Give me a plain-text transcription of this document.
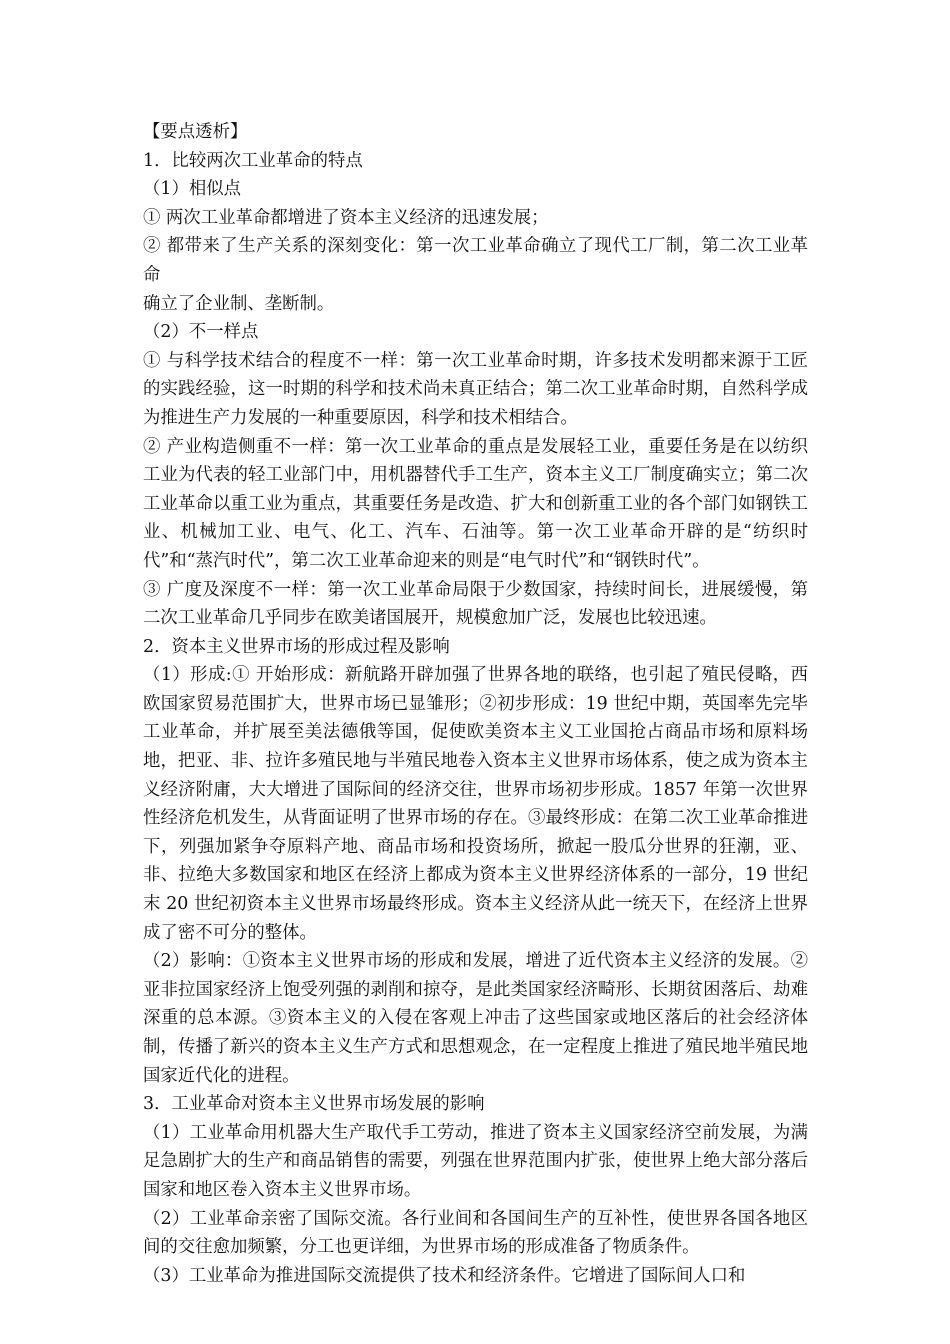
【要点透析】

1．比较两次工业革命的特点

（1）相似点

① 两次工业革命都增进了资本主义经济的迅速发展；

② 都带来了生产关系的深刻变化：第一次工业革命确立了现代工厂制，第二次工业革命

确立了企业制、垄断制。

（2）不一样点

① 与科学技术结合的程度不一样：第一次工业革命时期，许多技术发明都来源于工匠的实践经验，这一时期的科学和技术尚未真正结合；第二次工业革命时期，自然科学成为推进生产力发展的一种重要原因，科学和技术相结合。

② 产业构造侧重不一样：第一次工业革命的重点是发展轻工业，重要任务是在以纺织工业为代表的轻工业部门中，用机器替代手工生产，资本主义工厂制度确实立；第二次工业革命以重工业为重点，其重要任务是改造、扩大和创新重工业的各个部门如钢铁工业、机械加工业、电气、化工、汽车、石油等。第一次工业革命开辟的是“纺织时代”和“蒸汽时代”，第二次工业革命迎来的则是“电气时代”和“钢铁时代”。

③ 广度及深度不一样：第一次工业革命局限于少数国家，持续时间长，进展缓慢，第二次工业革命几乎同步在欧美诸国展开，规模愈加广泛，发展也比较迅速。

2．资本主义世界市场的形成过程及影响

（1）形成:① 开始形成：新航路开辟加强了世界各地的联络，也引起了殖民侵略，西欧国家贸易范围扩大，世界市场已显雏形；②初步形成：19 世纪中期，英国率先完毕工业革命，并扩展至美法德俄等国，促使欧美资本主义工业国抢占商品市场和原料场地，把亚、非、拉许多殖民地与半殖民地卷入资本主义世界市场体系，使之成为资本主义经济附庸，大大增进了国际间的经济交往，世界市场初步形成。1857 年第一次世界性经济危机发生，从背面证明了世界市场的存在。③最终形成：在第二次工业革命推进下，列强加紧争夺原料产地、商品市场和投资场所，掀起一股瓜分世界的狂潮，亚、非、拉绝大多数国家和地区在经济上都成为资本主义世界经济体系的一部分，19 世纪末 20 世纪初资本主义世界市场最终形成。资本主义经济从此一统天下，在经济上世界成了密不可分的整体。

（2）影响：①资本主义世界市场的形成和发展，增进了近代资本主义经济的发展。②亚非拉国家经济上饱受列强的剥削和掠夺，是此类国家经济畸形、长期贫困落后、劫难深重的总本源。③资本主义的入侵在客观上冲击了这些国家或地区落后的社会经济体制，传播了新兴的资本主义生产方式和思想观念，在一定程度上推进了殖民地半殖民地国家近代化的进程。

3．工业革命对资本主义世界市场发展的影响

（1）工业革命用机器大生产取代手工劳动，推进了资本主义国家经济空前发展，为满足急剧扩大的生产和商品销售的需要，列强在世界范围内扩张，使世界上绝大部分落后国家和地区卷入资本主义世界市场。

（2）工业革命亲密了国际交流。各行业间和各国间生产的互补性，使世界各国各地区间的交往愈加频繁，分工也更详细，为世界市场的形成准备了物质条件。

（3）工业革命为推进国际交流提供了技术和经济条件。它增进了国际间人口和
